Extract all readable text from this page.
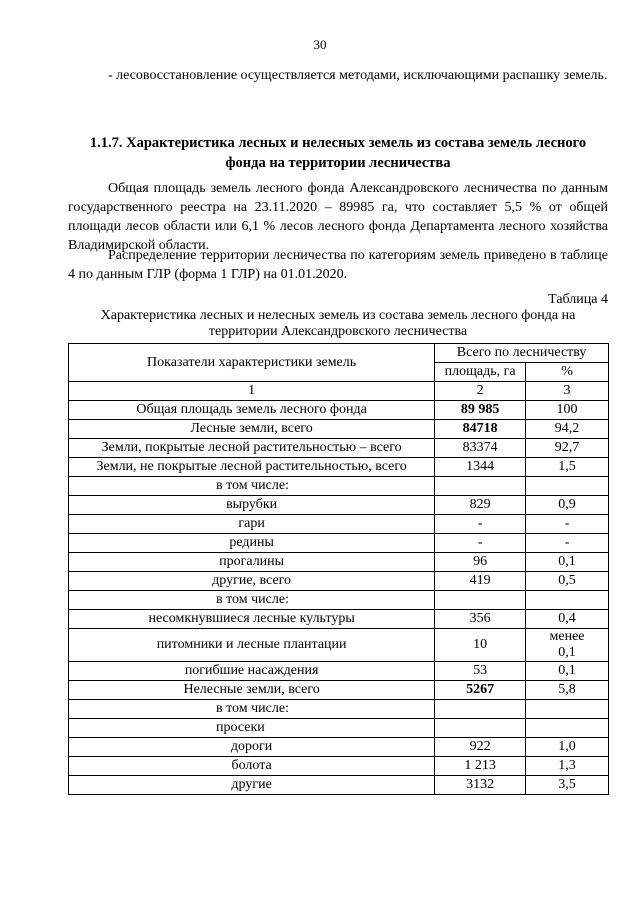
30
- лесовосстановление осуществляется методами, исключающими распашку земель.
1.1.7. Характеристика лесных и нелесных земель из состава земель лесного фонда на территории лесничества
Общая площадь земель лесного фонда Александровского лесничества по данным государственного реестра на 23.11.2020 – 89985 га, что составляет 5,5 % от общей площади лесов области или 6,1 % лесов лесного фонда Департамента лесного хозяйства Владимирской области.
Распределение территории лесничества по категориям земель приведено в таблице 4 по данным ГЛР (форма 1 ГЛР) на 01.01.2020.
Таблица 4
Характеристика лесных и нелесных земель из состава земель лесного фонда на территории Александровского лесничества
Показатели характеристики земель	Всего по лесничеству	
	площадь, га	%
1	2	3
Общая площадь земель лесного фонда	89 985	100
Лесные земли, всего	84718	94,2
Земли, покрытые лесной растительностью – всего	83374	92,7
Земли, не покрытые лесной растительностью, всего	1344	1,5
в том числе:		
вырубки	829	0,9
гари	-	-
редины	-	-
прогалины	96	0,1
другие, всего	419	0,5
в том числе:		
несомкнувшиеся лесные культуры	356	0,4
питомники и лесные плантации	10	менее 0,1
погибшие насаждения	53	0,1
Нелесные земли, всего	5267	5,8
в том числе:		
просеки		
дороги	922	1,0
болота	1 213	1,3
другие	3132	3,5
